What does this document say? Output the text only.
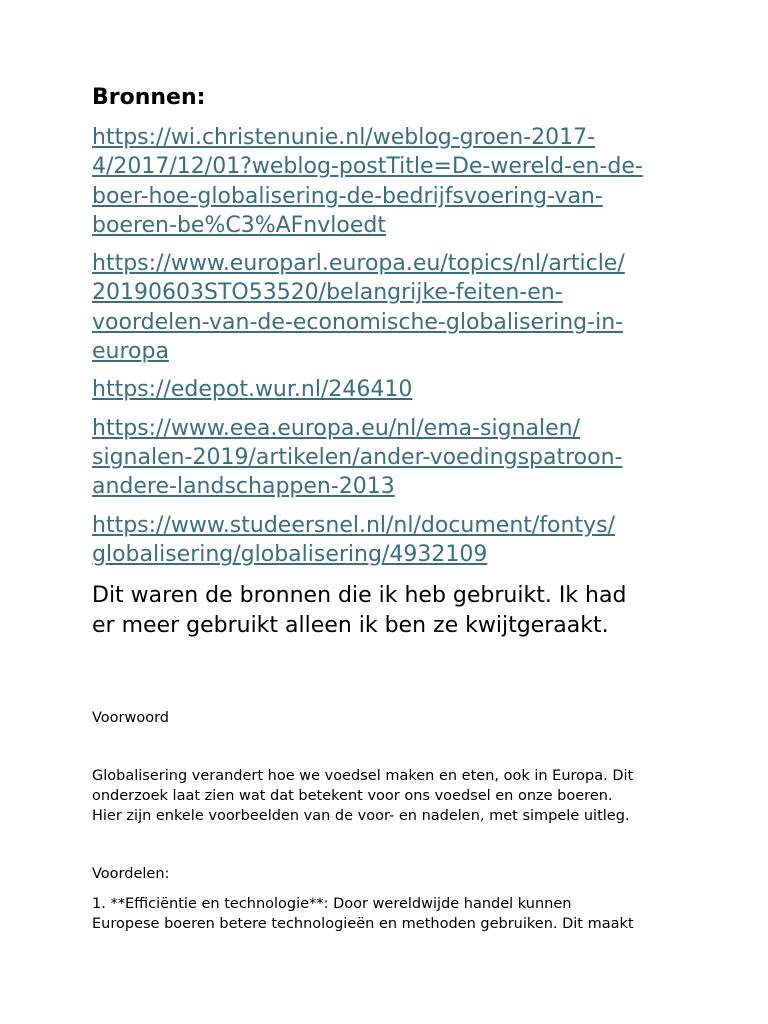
Bronnen:
https://wi.christenunie.nl/weblog-groen-2017-
4/2017/12/01?weblog-postTitle=De-wereld-en-de-
boer-hoe-globalisering-de-bedrijfsvoering-van-
boeren-be%C3%AFnvloedt
https://www.europarl.europa.eu/topics/nl/article/
20190603STO53520/belangrijke-feiten-en-
voordelen-van-de-economische-globalisering-in-
europa
https://edepot.wur.nl/246410
https://www.eea.europa.eu/nl/ema-signalen/
signalen-2019/artikelen/ander-voedingspatroon-
andere-landschappen-2013
https://www.studeersnel.nl/nl/document/fontys/
globalisering/globalisering/4932109
Dit waren de bronnen die ik heb gebruikt. Ik had
er meer gebruikt alleen ik ben ze kwijtgeraakt.
Voorwoord
Globalisering verandert hoe we voedsel maken en eten, ook in Europa. Dit
onderzoek laat zien wat dat betekent voor ons voedsel en onze boeren.
Hier zijn enkele voorbeelden van de voor- en nadelen, met simpele uitleg.
Voordelen:
1. **Efficiëntie en technologie**: Door wereldwijde handel kunnen
Europese boeren betere technologieën en methoden gebruiken. Dit maakt
